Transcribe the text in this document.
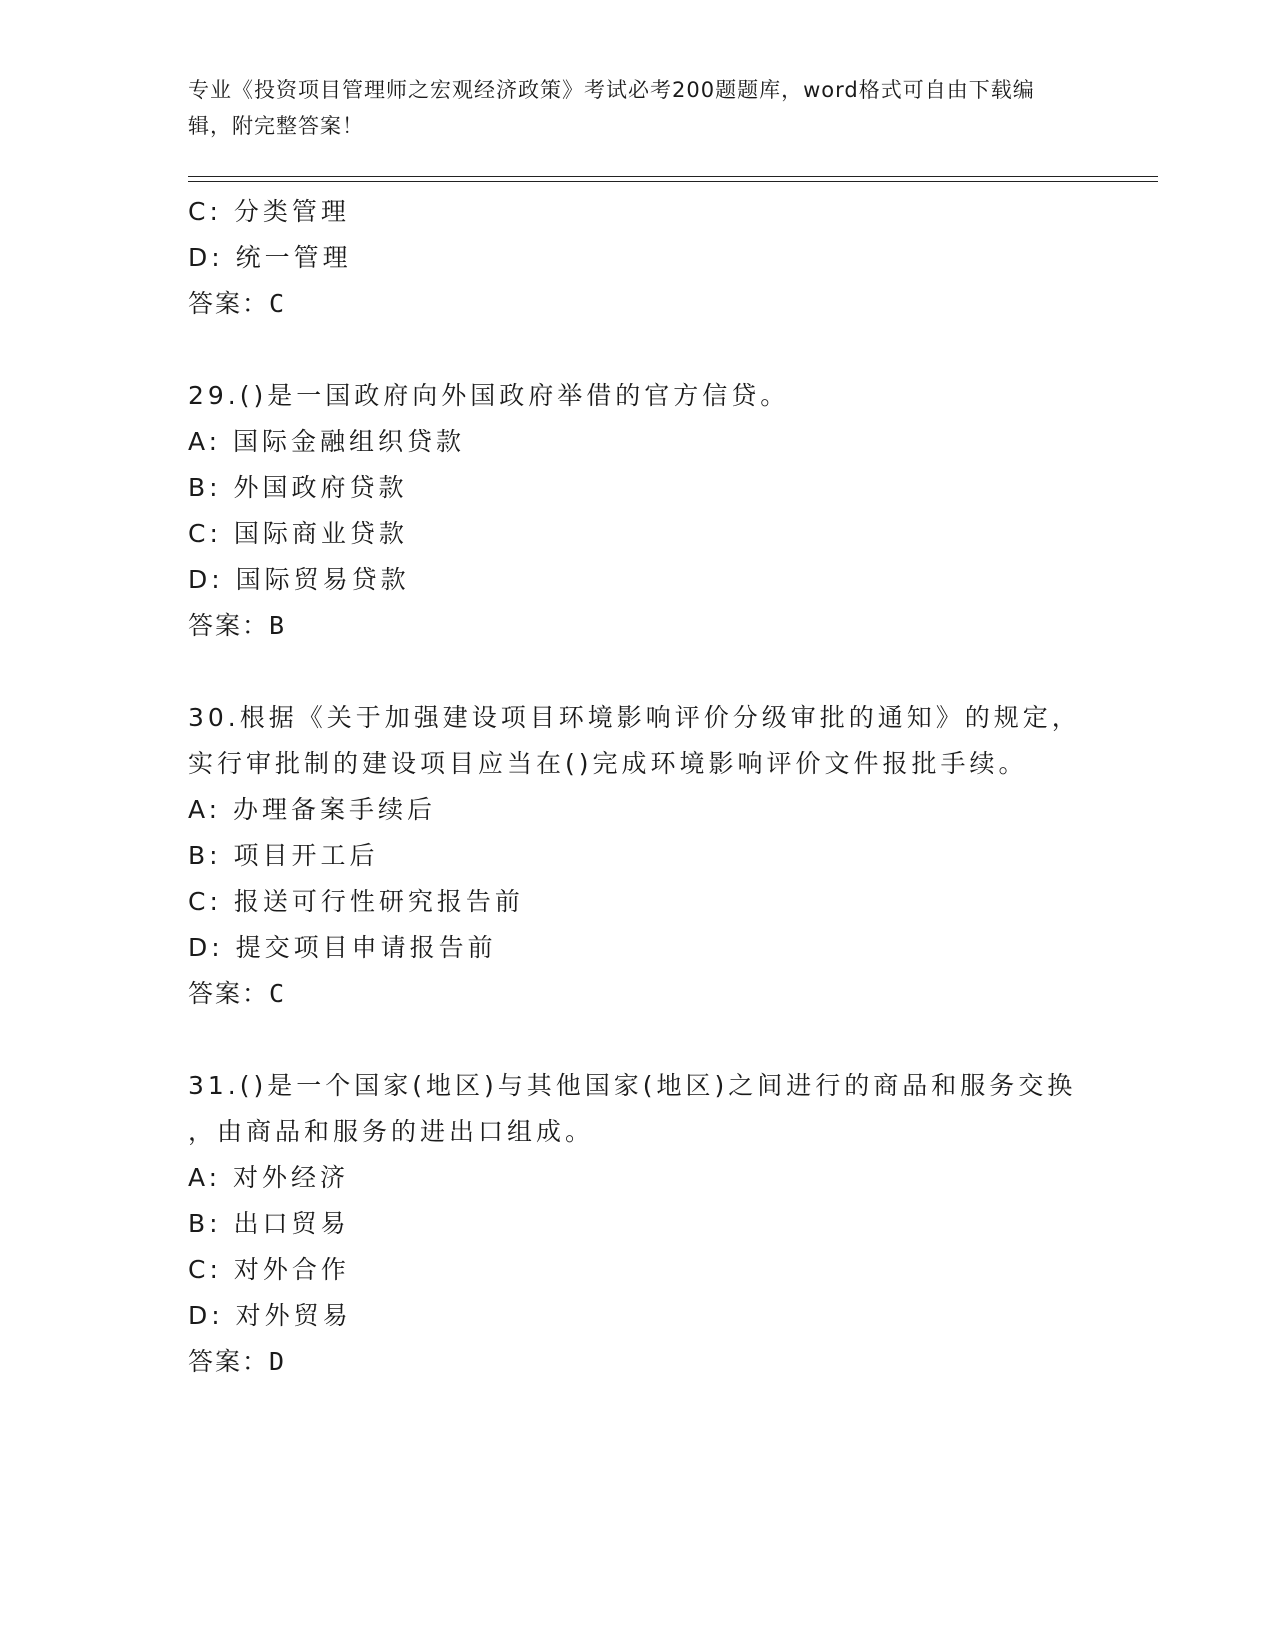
专业《投资项目管理师之宏观经济政策》考试必考200题题库，word格式可自由下载编辑，附完整答案！
C: 分类管理
D: 统一管理
答案：C
29.()是一国政府向外国政府举借的官方信贷。
A: 国际金融组织贷款
B: 外国政府贷款
C: 国际商业贷款
D: 国际贸易贷款
答案：B
30.根据《关于加强建设项目环境影响评价分级审批的通知》的规定，
实行审批制的建设项目应当在()完成环境影响评价文件报批手续。
A: 办理备案手续后
B: 项目开工后
C: 报送可行性研究报告前
D: 提交项目申请报告前
答案：C
31.()是一个国家(地区)与其他国家(地区)之间进行的商品和服务交换
，由商品和服务的进出口组成。
A: 对外经济
B: 出口贸易
C: 对外合作
D: 对外贸易
答案：D
